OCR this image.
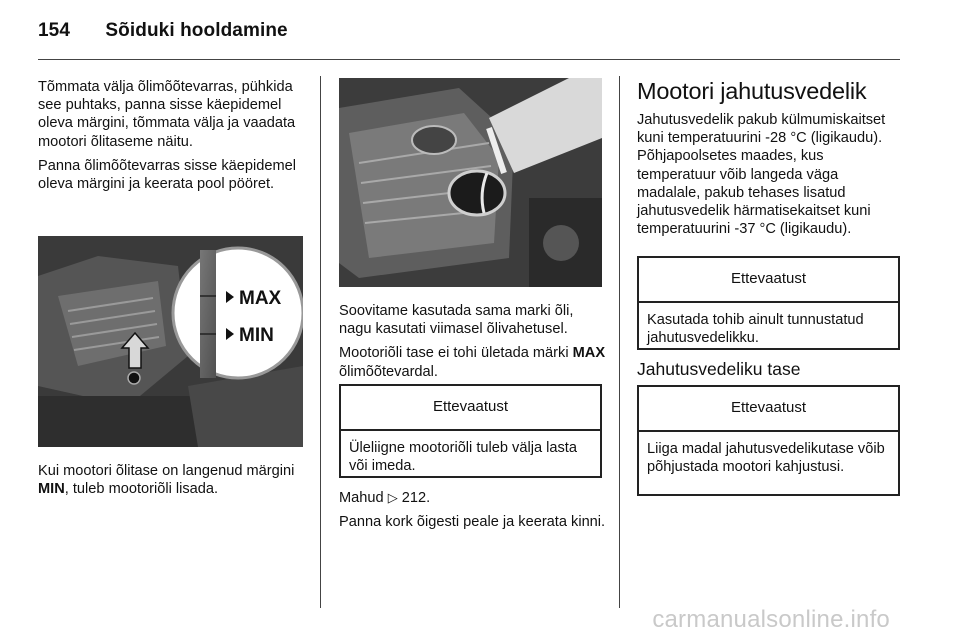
154 Sõiduki hooldamine

Tõmmata välja õlimõõtevarras, pühkida see puhtaks, panna sisse käepidemel oleva märgini, tõmmata välja ja vaadata mootori õlitaseme näitu.

Panna õlimõõtevarras sisse käepidemel oleva märgini ja keerata pool pööret.

MAX
MIN
Kui mootori õlitase on langenud märgini MIN, tuleb mootoriõli lisada.

Soovitame kasutada sama marki õli, nagu kasutati viimasel õlivahetusel.

Mootoriõli tase ei tohi ületada märki MAX õlimõõtevardal.

Ettevaatust
Üleliigne mootoriõli tuleb välja lasta või imeda.

Mahud ▷ 212.

Panna kork õigesti peale ja keerata kinni.

Mootori jahutusvedelik

Jahutusvedelik pakub külmumiskaitset kuni temperatuurini -28 °C (ligikaudu). Põhjapoolsetes maades, kus temperatuur võib langeda väga madalale, pakub tehases lisatud jahutusvedelik härmatisekaitset kuni temperatuurini -37 °C (ligikaudu).

Ettevaatust
Kasutada tohib ainult tunnustatud jahutusvedelikku.
Jahutusvedeliku tase
Ettevaatust
Liiga madal jahutusvedelikutase võib põhjustada mootori kahjustusi.
carmanualsonline.info
